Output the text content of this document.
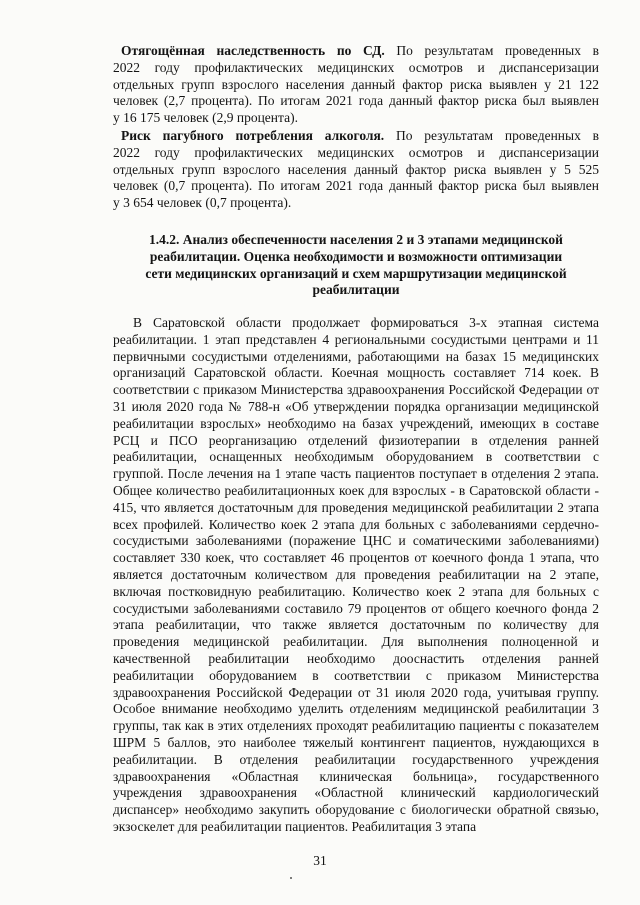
Отягощённая наследственность по СД. По результатам проведенных в

2022 году профилактических медицинских осмотров и диспансеризации

отдельных групп взрослого населения данный фактор риска выявлен у 21 122

человек (2,7 процента). По итогам 2021 года данный фактор риска был выявлен

у 16 175 человек (2,9 процента).

Риск пагубного потребления алкоголя. По результатам проведенных в

2022 году профилактических медицинских осмотров и диспансеризации

отдельных групп взрослого населения данный фактор риска выявлен у 5 525

человек (0,7 процента). По итогам 2021 года данный фактор риска был выявлен

у 3 654 человек (0,7 процента).

1.4.2. Анализ обеспеченности населения 2 и 3 этапами медицинской
реабилитации. Оценка необходимости и возможности оптимизации
сети медицинских организаций и схем маршрутизации медицинской
реабилитации

В Саратовской области продолжает формироваться 3-х этапная система реабилитации. 1 этап представлен 4 региональными сосудистыми центрами и 11 первичными сосудистыми отделениями, работающими на базах 15 медицинских организаций Саратовской области. Коечная мощность составляет 714 коек. В соответствии с приказом Министерства здравоохранения Российской Федерации от 31 июля 2020 года № 788-н «Об утверждении порядка организации медицинской реабилитации взрослых» необходимо на базах учреждений, имеющих в составе РСЦ и ПСО реорганизацию отделений физиотерапии в отделения ранней реабилитации, оснащенных необходимым оборудованием в соответствии с группой. После лечения на 1 этапе часть пациентов поступает в отделения 2 этапа. Общее количество реабилитационных коек для взрослых - в Саратовской области - 415, что является достаточным для проведения медицинской реабилитации 2 этапа всех профилей. Количество коек 2 этапа для больных с заболеваниями сердечно-сосудистыми заболеваниями (поражение ЦНС и соматическими заболеваниями) составляет 330 коек, что составляет 46 процентов от коечного фонда 1 этапа, что является достаточным количеством для проведения реабилитации на 2 этапе, включая постковидную реабилитацию. Количество коек 2 этапа для больных с сосудистыми заболеваниями составило 79 процентов от общего коечного фонда 2 этапа реабилитации, что также является достаточным по количеству для проведения медицинской реабилитации. Для выполнения полноценной и качественной реабилитации необходимо дооснастить отделения ранней реабилитации оборудованием в соответствии с приказом Министерства здравоохранения Российской Федерации от 31 июля 2020 года, учитывая группу. Особое внимание необходимо уделить отделениям медицинской реабилитации 3 группы, так как в этих отделениях проходят реабилитацию пациенты с показателем ШРМ 5 баллов, это наиболее тяжелый контингент пациентов, нуждающихся в реабилитации. В отделения реабилитации государственного учреждения здравоохранения «Областная клиническая больница», государственного учреждения здравоохранения «Областной клинический кардиологический диспансер» необходимо закупить оборудование с биологически обратной связью, экзоскелет для реабилитации пациентов. Реабилитация 3 этапа

31
